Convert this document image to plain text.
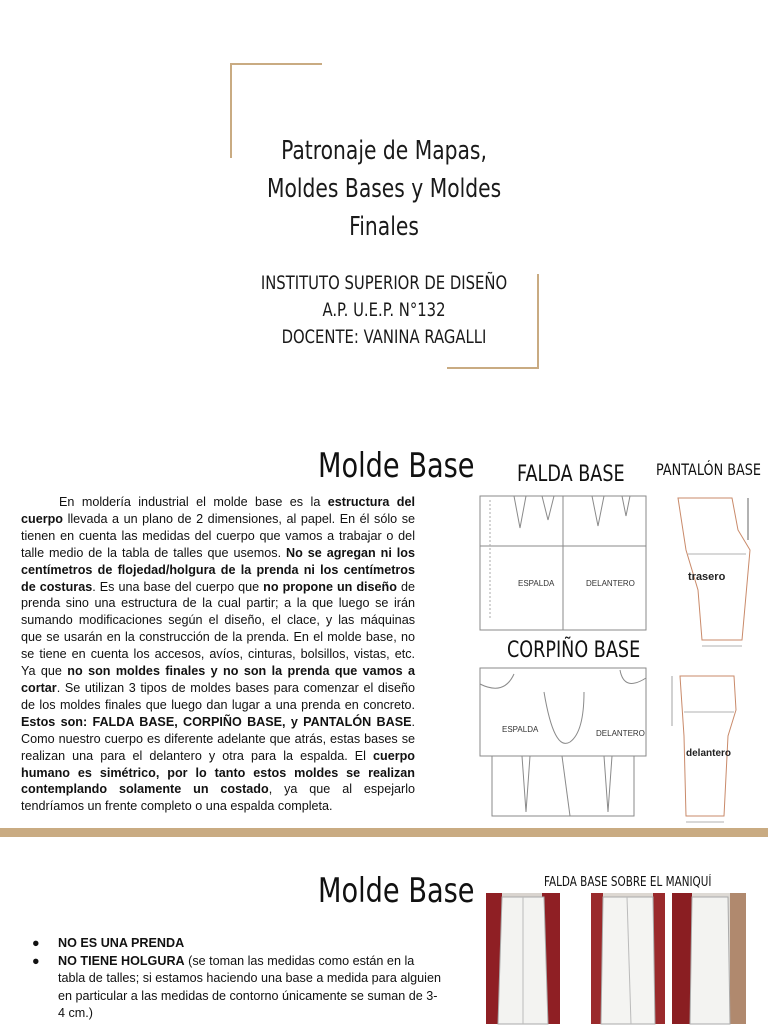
Patronaje de Mapas,
Moldes Bases y Moldes
Finales
INSTITUTO SUPERIOR DE DISEÑO
A.P. U.E.P. N°132
DOCENTE: VANINA RAGALLI
Molde Base

En moldería industrial el molde base es la estructura del cuerpo llevada a un plano de 2 dimensiones, al papel. En él sólo se tienen en cuenta las medidas del cuerpo que vamos a trabajar o del talle medio de la tabla de talles que usemos. No se agregan ni los centímetros de flojedad/holgura de la prenda ni los centímetros de costuras. Es una base del cuerpo que no propone un diseño de prenda sino una estructura de la cual partir; a la que luego se irán sumando modificaciones según el diseño, el clace, y las máquinas que se usarán en la construcción de la prenda. En el molde base, no se tiene en cuenta los accesos, avíos, cinturas, bolsillos, vistas, etc. Ya que no son moldes finales y no son la prenda que vamos a cortar. Se utilizan 3 tipos de moldes bases para comenzar el diseño de los moldes finales que luego dan lugar a una prenda en concreto. Estos son: FALDA BASE, CORPIÑO BASE, y PANTALÓN BASE. Como nuestro cuerpo es diferente adelante que atrás, estas bases se realizan una para el delantero y otra para la espalda. El cuerpo humano es simétrico, por lo tanto estos moldes se realizan contemplando solamente un costado, ya que al espejarlo tendríamos un frente completo o una espalda completa.

FALDA BASE PANTALÓN BASE
CORPIÑO BASE
ESPALDA	DELANTERO
trasero
ESPALDA	DELANTERO
delantero
Molde Base	FALDA BASE SOBRE EL MANIQUÍ
● NO ES UNA PRENDA
● NO TIENE HOLGURA (se toman las medidas como están en la tabla de talles; si estamos haciendo una base a medida para alguien en particular a las medidas de contorno únicamente se suman de 3-4 cm.)
